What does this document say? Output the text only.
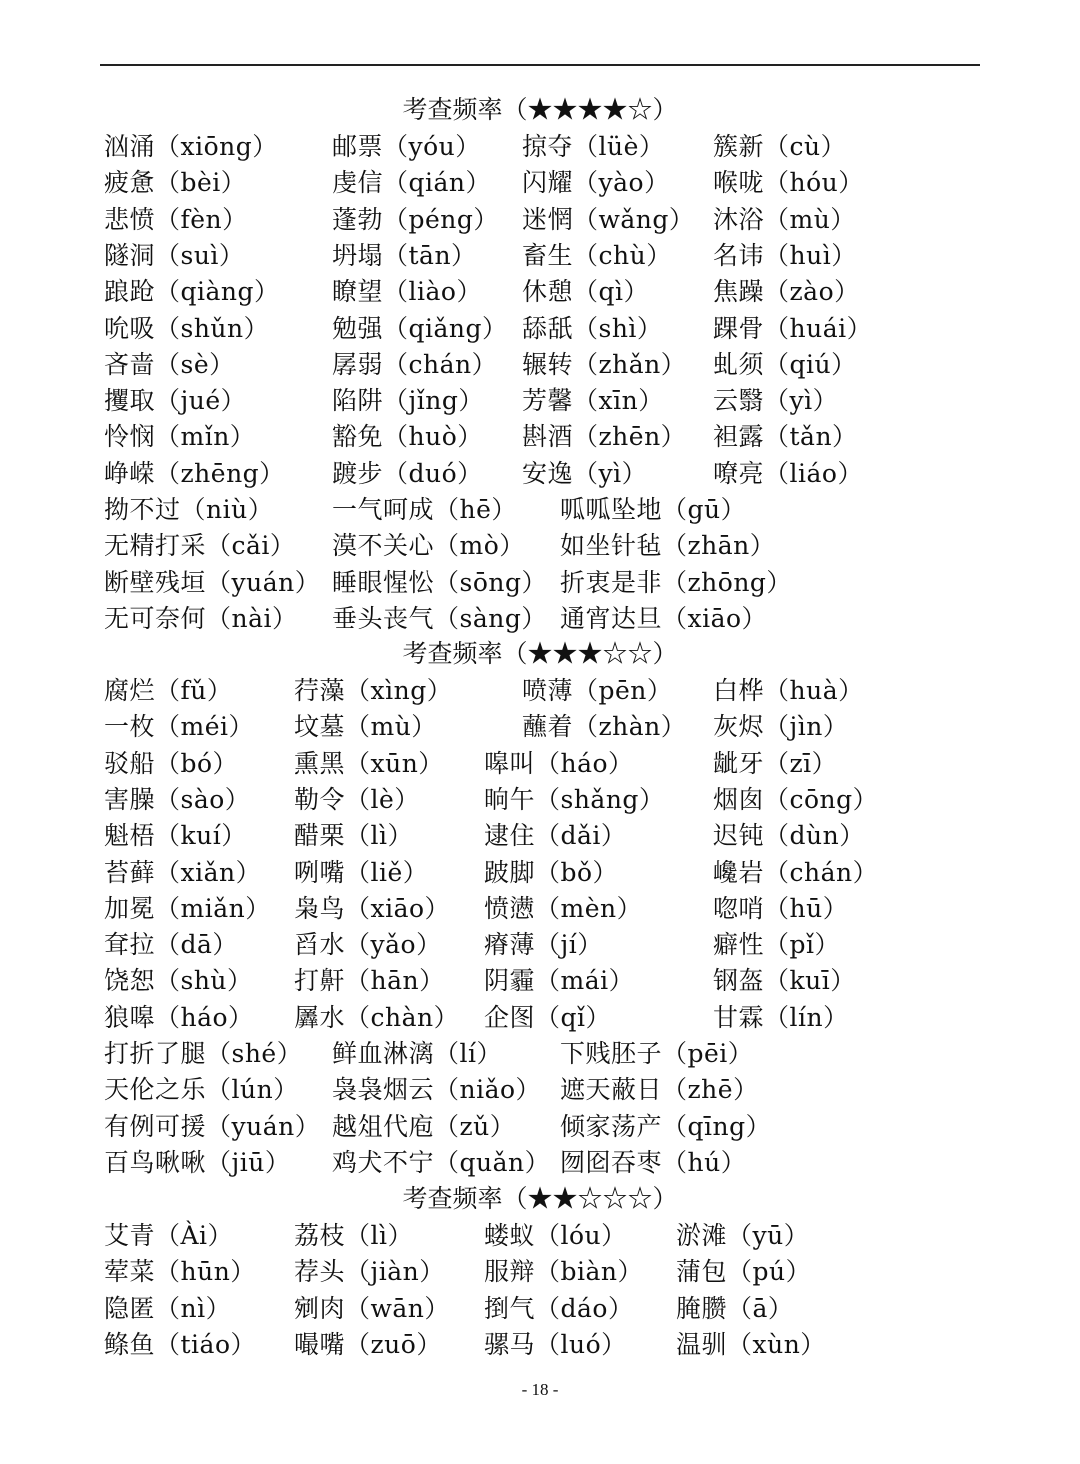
考查频率（★★★★☆）
汹涌（xiōng） 邮票（yóu） 掠夺（lüè） 簇新（cù）
疲惫（bèi）	虔信（qián） 闪耀（yào） 喉咙（hóu）
悲愤（fèn）	蓬勃（péng） 迷惘（wǎng） 沐浴（mù）
隧洞（suì）	坍塌（tān） 畜生（chù） 名讳（huì）
踉跄（qiàng） 瞭望（liào） 休憩（qì）	焦躁（zào）
吮吸（shǔn）	勉强（qiǎng） 舔舐（shì） 踝骨（huái）
吝啬（sè）	孱弱（chán） 辗转（zhǎn） 虬须（qiú）
攫取（jué）	陷阱（jǐng） 芳馨（xīn） 云翳（yì）
怜悯（mǐn）	豁免（huò） 斟酒（zhēn） 袒露（tǎn）
峥嵘（zhēng） 踱步（duó） 安逸（yì）	嘹亮（liáo）
拗不过（niù） 一气呵成（hē） 呱呱坠地（gū）
无精打采（cǎi） 漠不关心（mò） 如坐针毡（zhān）
断壁残垣（yuán） 睡眼惺忪（sōng） 折衷是非（zhōng）
无可奈何（nài） 垂头丧气（sàng） 通宵达旦（xiāo）
考查频率（★★★☆☆）
腐烂（fǔ） 荇藻（xìng）	喷薄（pēn） 白桦（huà）
一枚（méi） 坟墓（mù）	蘸着（zhàn） 灰烬（jìn）
驳船（bó） 熏黑（xūn） 嗥叫（háo）	龇牙（zī）
害臊（sào） 勒令（lè）	晌午（shǎng） 烟囱（cōng）
魁梧（kuí） 醋栗（lì）	逮住（dǎi）	迟钝（dùn）
苔藓（xiǎn） 咧嘴（liě） 跛脚（bǒ）	巉岩（chán）
加冕（miǎn） 枭鸟（xiāo） 愤懑（mèn）	唿哨（hū）
耷拉（dā） 舀水（yǎo） 瘠薄（jí）	癖性（pǐ）
饶恕（shù） 打鼾（hān） 阴霾（mái）	钢盔（kuī）
狼嗥（háo） 羼水（chàn） 企图（qǐ）	甘霖（lín）
打折了腿（shé） 鲜血淋漓（lí） 下贱胚子（pēi）
天伦之乐（lún） 袅袅烟云（niǎo） 遮天蔽日（zhē）
有例可援（yuán） 越俎代庖（zǔ） 倾家荡产（qīng）
百鸟啾啾（jiū） 鸡犬不宁（quǎn） 囫囵吞枣（hú）
考查频率（★★☆☆☆）
艾青（Ài） 荔枝（lì）	蝼蚁（lóu） 淤滩（yū）
荤菜（hūn） 荐头（jiàn） 服辩（biàn） 蒲包（pú）
隐匿（nì）	剜肉（wān） 捯气（dáo） 腌臜（ā）
鲦鱼（tiáo） 嘬嘴（zuō） 骡马（luó） 温驯（xùn）
- 18 -
